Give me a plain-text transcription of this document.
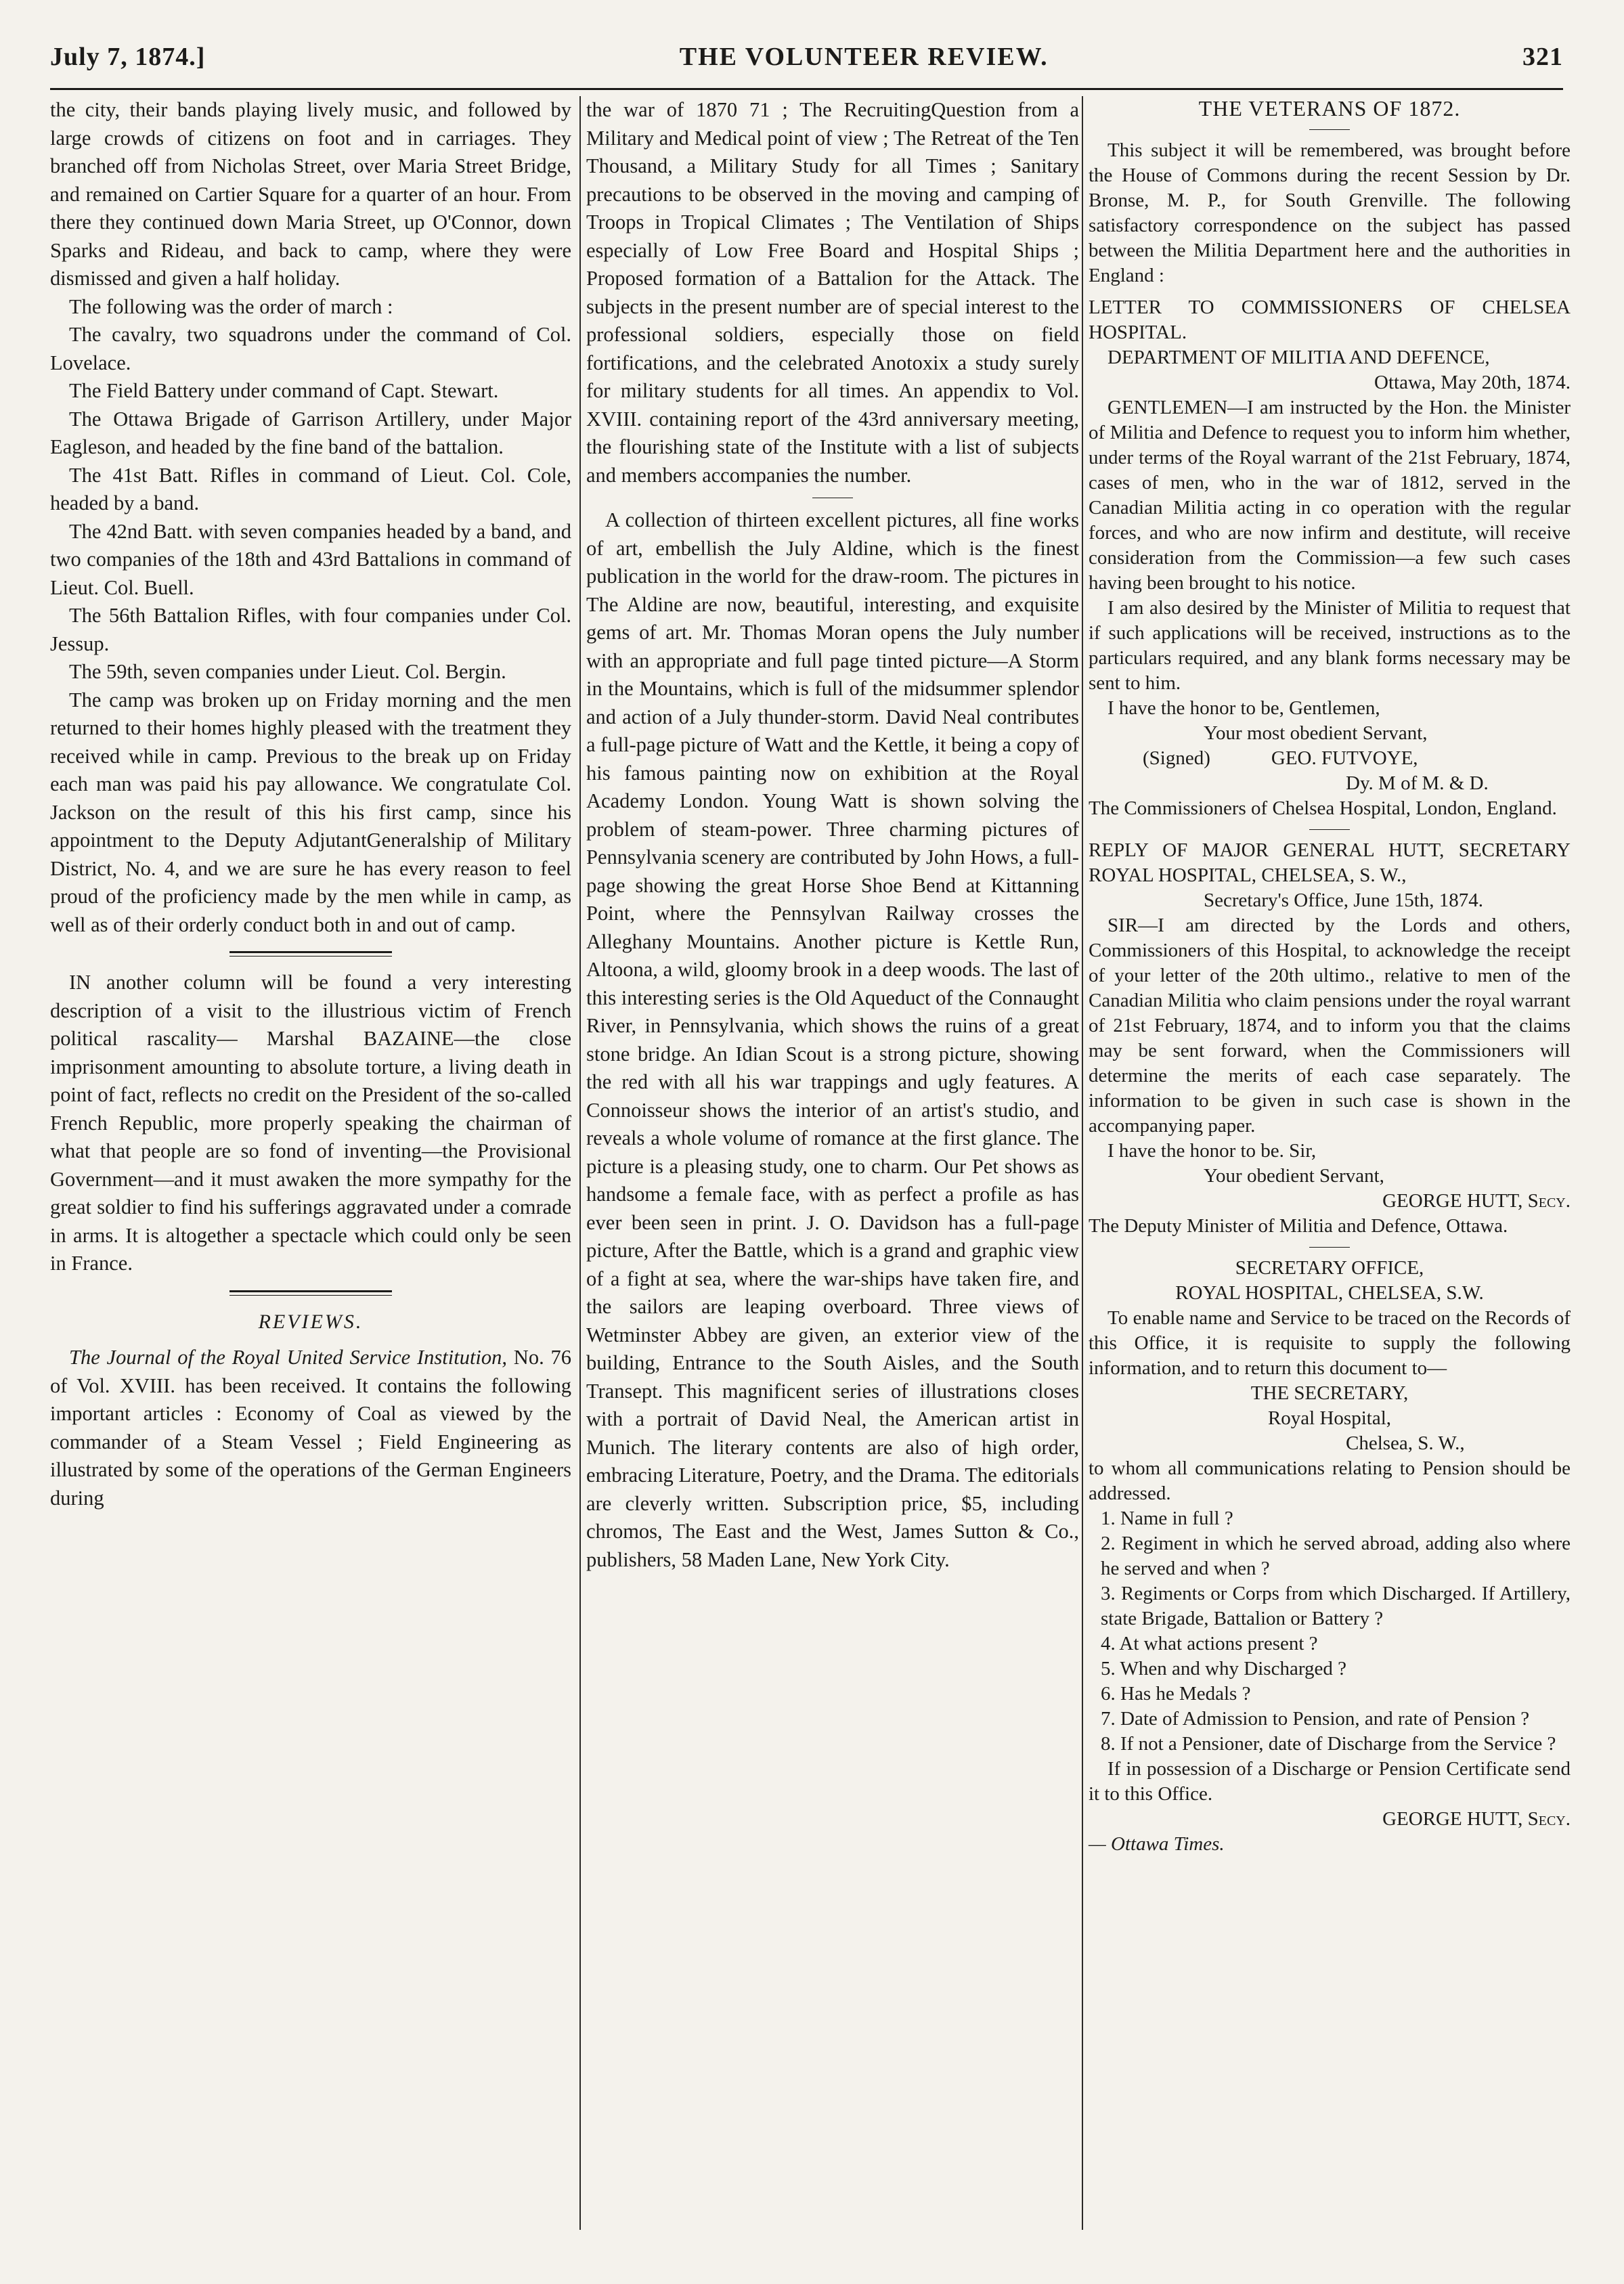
July 7, 1874.]	THE VOLUNTEER REVIEW.	321

the city, their bands playing lively music, and followed by large crowds of citizens on foot and in carriages. They branched off from Nicholas Street, over Maria Street Bridge, and remained on Cartier Square for a quarter of an hour. From there they continued down Maria Street, up O'Connor, down Sparks and Rideau, and back to camp, where they were dismissed and given a half holiday.

The following was the order of march :

The cavalry, two squadrons under the command of Col. Lovelace.

The Field Battery under command of Capt. Stewart.

The Ottawa Brigade of Garrison Artillery, under Major Eagleson, and headed by the fine band of the battalion.

The 41st Batt. Rifles in command of Lieut. Col. Cole, headed by a band.

The 42nd Batt. with seven companies headed by a band, and two companies of the 18th and 43rd Battalions in command of Lieut. Col. Buell.

The 56th Battalion Rifles, with four companies under Col. Jessup.

The 59th, seven companies under Lieut. Col. Bergin.

The camp was broken up on Friday morning and the men returned to their homes highly pleased with the treatment they received while in camp. Previous to the break up on Friday each man was paid his pay allowance. We congratulate Col. Jackson on the result of this his first camp, since his appointment to the Deputy AdjutantGeneralship of Military District, No. 4, and we are sure he has every reason to feel proud of the proficiency made by the men while in camp, as well as of their orderly conduct both in and out of camp.

IN another column will be found a very interesting description of a visit to the illustrious victim of French political rascality— Marshal BAZAINE—the close imprisonment amounting to absolute torture, a living death in point of fact, reflects no credit on the President of the so-called French Republic, more properly speaking the chairman of what that people are so fond of inventing—the Provisional Government—and it must awaken the more sympathy for the great soldier to find his sufferings aggravated under a comrade in arms. It is altogether a spectacle which could only be seen in France.

REVIEWS.

The Journal of the Royal United Service Institution, No. 76 of Vol. XVIII. has been received. It contains the following important articles : Economy of Coal as viewed by the commander of a Steam Vessel ; Field Engineering as illustrated by some of the operations of the German Engineers during

the war of 1870 71 ; The RecruitingQuestion from a Military and Medical point of view ; The Retreat of the Ten Thousand, a Military Study for all Times ; Sanitary precautions to be observed in the moving and camping of Troops in Tropical Climates ; The Ventilation of Ships especially of Low Free Board and Hospital Ships ; Proposed formation of a Battalion for the Attack. The subjects in the present number are of special interest to the professional soldiers, especially those on field fortifications, and the celebrated Anotoxix a study surely for military students for all times. An appendix to Vol. XVIII. containing report of the 43rd anniversary meeting, the flourishing state of the Institute with a list of subjects and members accompanies the number.

A collection of thirteen excellent pictures, all fine works of art, embellish the July Aldine, which is the finest publication in the world for the draw-room. The pictures in The Aldine are now, beautiful, interesting, and exquisite gems of art. Mr. Thomas Moran opens the July number with an appropriate and full page tinted picture—A Storm in the Mountains, which is full of the midsummer splendor and action of a July thunder-storm. David Neal contributes a full-page picture of Watt and the Kettle, it being a copy of his famous painting now on exhibition at the Royal Academy London. Young Watt is shown solving the problem of steam-power. Three charming pictures of Pennsylvania scenery are contributed by John Hows, a full-page showing the great Horse Shoe Bend at Kittanning Point, where the Pennsylvan Railway crosses the Alleghany Mountains. Another picture is Kettle Run, Altoona, a wild, gloomy brook in a deep woods. The last of this interesting series is the Old Aqueduct of the Connaught River, in Pennsylvania, which shows the ruins of a great stone bridge. An Idian Scout is a strong picture, showing the red with all his war trappings and ugly features. A Connoisseur shows the interior of an artist's studio, and reveals a whole volume of romance at the first glance. The picture is a pleasing study, one to charm. Our Pet shows as handsome a female face, with as perfect a profile as has ever been seen in print. J. O. Davidson has a full-page picture, After the Battle, which is a grand and graphic view of a fight at sea, where the war-ships have taken fire, and the sailors are leaping overboard. Three views of Wetminster Abbey are given, an exterior view of the building, Entrance to the South Aisles, and the South Transept. This magnificent series of illustrations closes with a portrait of David Neal, the American artist in Munich. The literary contents are also of high order, embracing Literature, Poetry, and the Drama. The editorials are cleverly written. Subscription price, $5, including chromos, The East and the West, James Sutton & Co., publishers, 58 Maden Lane, New York City.

THE VETERANS OF 1872.

This subject it will be remembered, was brought before the House of Commons during the recent Session by Dr. Bronse, M. P., for South Grenville. The following satisfactory correspondence on the subject has passed between the Militia Department here and the authorities in England :

LETTER TO COMMISSIONERS OF CHELSEA HOSPITAL.

DEPARTMENT OF MILITIA AND DEFENCE,

Ottawa, May 20th, 1874.

GENTLEMEN—I am instructed by the Hon. the Minister of Militia and Defence to request you to inform him whether, under terms of the Royal warrant of the 21st February, 1874, cases of men, who in the war of 1812, served in the Canadian Militia acting in co operation with the regular forces, and who are now infirm and destitute, will receive consideration from the Commission—a few such cases having been brought to his notice.

I am also desired by the Minister of Militia to request that if such applications will be received, instructions as to the particulars required, and any blank forms necessary may be sent to him.

I have the honor to be, Gentlemen,

Your most obedient Servant,

(Signed)	GEO. FUTVOYE,

Dy. M of M. & D.

The Commissioners of Chelsea Hospital, London, England.

REPLY OF MAJOR GENERAL HUTT, SECRETARY ROYAL HOSPITAL, CHELSEA, S. W.,

Secretary's Office, June 15th, 1874.

SIR—I am directed by the Lords and others, Commissioners of this Hospital, to acknowledge the receipt of your letter of the 20th ultimo., relative to men of the Canadian Militia who claim pensions under the royal warrant of 21st February, 1874, and to inform you that the claims may be sent forward, when the Commissioners will determine the merits of each case separately. The information to be given in such case is shown in the accompanying paper.

I have the honor to be. Sir,

Your obedient Servant,

GEORGE HUTT, Secy.

The Deputy Minister of Militia and Defence, Ottawa.

SECRETARY OFFICE,

ROYAL HOSPITAL, CHELSEA, S.W.

To enable name and Service to be traced on the Records of this Office, it is requisite to supply the following information, and to return this document to—

THE SECRETARY,

Royal Hospital,

Chelsea, S. W.,

to whom all communications relating to Pension should be addressed.

1. Name in full ?

2. Regiment in which he served abroad, adding also where he served and when ?

3. Regiments or Corps from which Discharged. If Artillery, state Brigade, Battalion or Battery ?

4. At what actions present ?

5. When and why Discharged ?

6. Has he Medals ?

7. Date of Admission to Pension, and rate of Pension ?

8. If not a Pensioner, date of Discharge from the Service ?

If in possession of a Discharge or Pension Certificate send it to this Office.

GEORGE HUTT, Secy.

— Ottawa Times.
